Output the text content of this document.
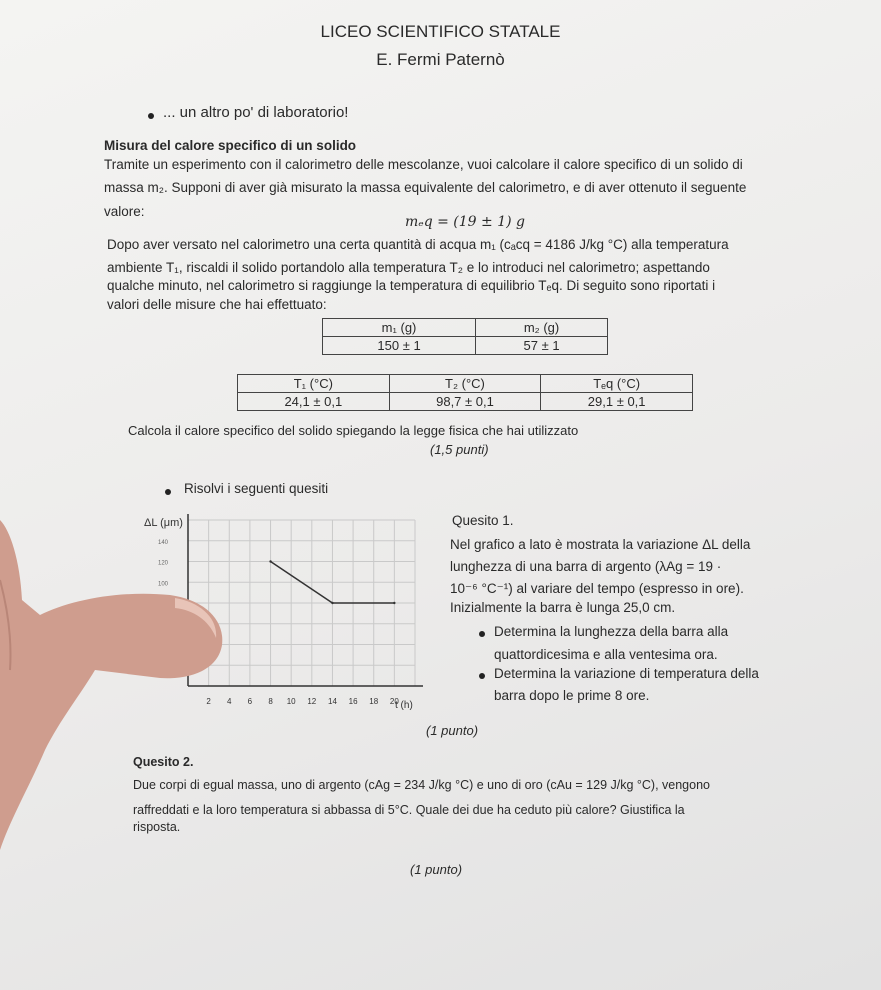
LICEO SCIENTIFICO STATALE
E. Fermi Paternò
... un altro po' di laboratorio!
Misura del calore specifico di un solido
Tramite un esperimento con il calorimetro delle mescolanze, vuoi calcolare il calore specifico di un solido di
massa m₂. Supponi di aver già misurato la massa equivalente del calorimetro, e di aver ottenuto il seguente
valore:
mₑq = (19 ± 1) g
Dopo aver versato nel calorimetro una certa quantità di acqua m₁ (cₐcq = 4186 J/kg °C) alla temperatura
ambiente T₁, riscaldi il solido portandolo alla temperatura T₂ e lo introduci nel calorimetro; aspettando
qualche minuto, nel calorimetro si raggiunge la temperatura di equilibrio Tₑq. Di seguito sono riportati i
valori delle misure che hai effettuato:
m₁ (g)	m₂ (g)
150 ± 1	57 ± 1
T₁ (°C)	T₂ (°C)	Tₑq (°C)
24,1 ± 0,1	98,7 ± 0,1	29,1 ± 0,1
Calcola il calore specifico del solido spiegando la legge fisica che hai utilizzato
(1,5 punti)
Risolvi i seguenti quesiti
ΔL (μm)
t (h)
2 4 6 8 10 12 14 16 18 20
100
120
140
Quesito 1.
Nel grafico a lato è mostrata la variazione ΔL della
lunghezza di una barra di argento (λAg = 19 ·
10⁻⁶ °C⁻¹) al variare del tempo (espresso in ore).
Inizialmente la barra è lunga 25,0 cm.
Determina la lunghezza della barra alla
quattordicesima e alla ventesima ora.
Determina la variazione di temperatura della
barra dopo le prime 8 ore.
(1 punto)
Quesito 2.
Due corpi di egual massa, uno di argento (cAg = 234 J/kg °C) e uno di oro (cAu = 129 J/kg °C), vengono
raffreddati e la loro temperatura si abbassa di 5°C. Quale dei due ha ceduto più calore? Giustifica la
risposta.
(1 punto)
